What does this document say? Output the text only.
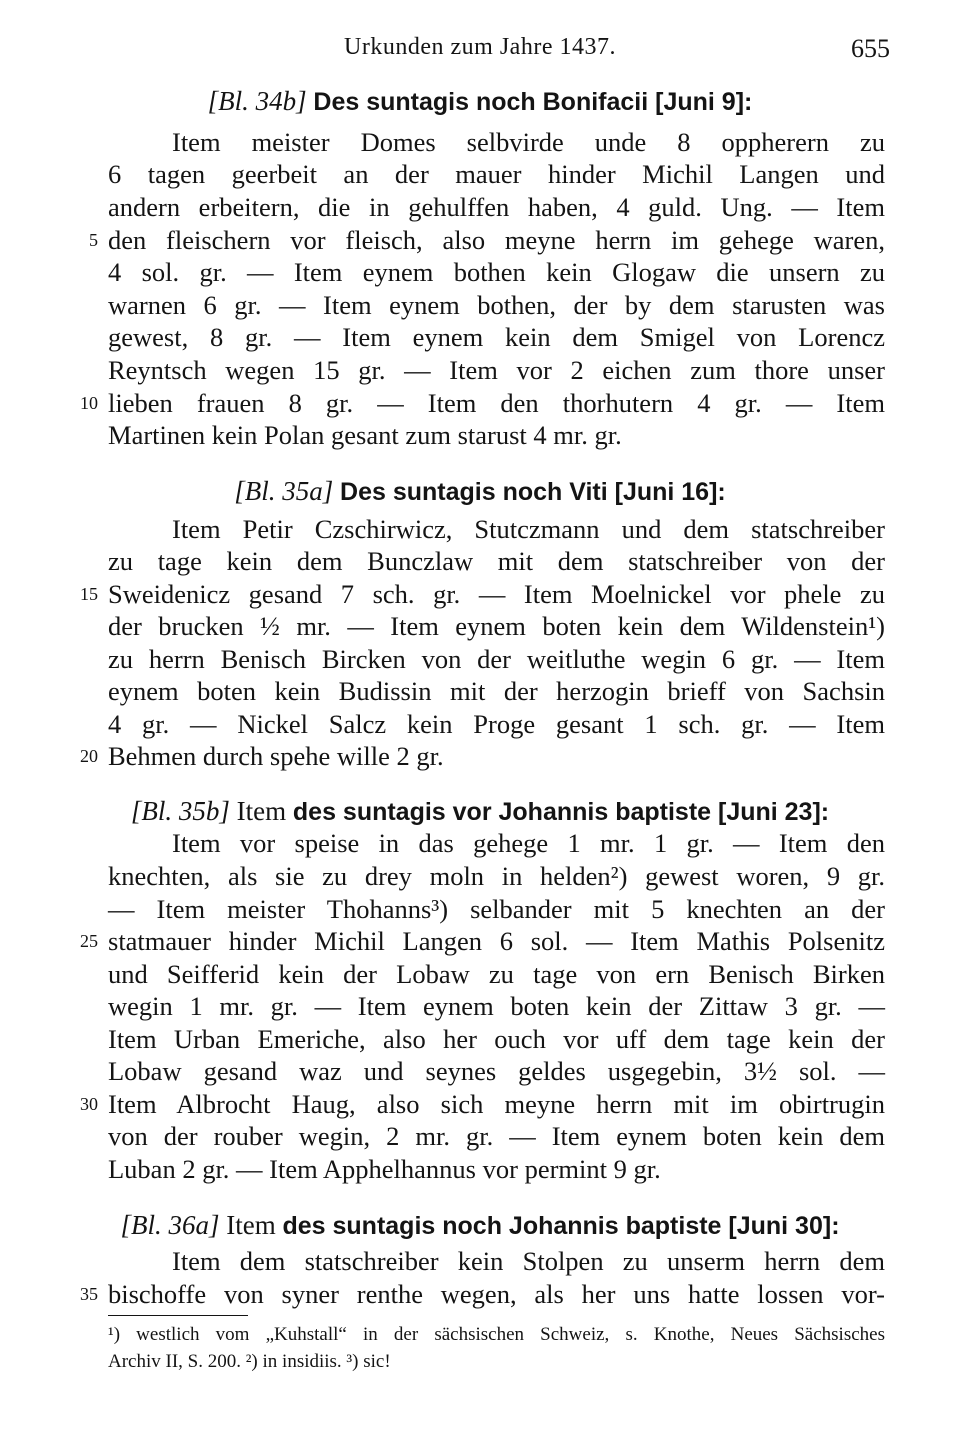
Urkunden zum Jahre 1437.	655
[Bl. 34b] Des suntagis noch Bonifacii [Juni 9]:
Item meister Domes selbvirde unde 8 oppherern zu
6 tagen geerbeit an der mauer hinder Michil Langen und
andern erbeitern, die in gehulffen haben, 4 guld. Ung. — Item
den fleischern vor fleisch, also meyne herrn im gehege waren,
4 sol. gr. — Item eynem bothen kein Glogaw die unsern zu
warnen 6 gr. — Item eynem bothen, der by dem starusten was
gewest, 8 gr. — Item eynem kein dem Smigel von Lorencz
Reyntsch wegen 15 gr. — Item vor 2 eichen zum thore unser
lieben frauen 8 gr. — Item den thorhutern 4 gr. — Item
Martinen kein Polan gesant zum starust 4 mr. gr.
[Bl. 35a] Des suntagis noch Viti [Juni 16]:
Item Petir Czschirwicz, Stutczmann und dem statschreiber
zu tage kein dem Bunczlaw mit dem statschreiber von der
Sweidenicz gesand 7 sch. gr. — Item Moelnickel vor phele zu
der brucken ½ mr. — Item eynem boten kein dem Wildenstein¹)
zu herrn Benisch Bircken von der weitluthe wegin 6 gr. — Item
eynem boten kein Budissin mit der herzogin brieff von Sachsin
4 gr. — Nickel Salcz kein Proge gesant 1 sch. gr. — Item
Behmen durch spehe wille 2 gr.
[Bl. 35b] Item des suntagis vor Johannis baptiste [Juni 23]:
Item vor speise in das gehege 1 mr. 1 gr. — Item den
knechten, als sie zu drey moln in helden²) gewest woren, 9 gr.
— Item meister Thohanns³) selbander mit 5 knechten an der
statmauer hinder Michil Langen 6 sol. — Item Mathis Polsenitz
und Seifferid kein der Lobaw zu tage von ern Benisch Birken
wegin 1 mr. gr. — Item eynem boten kein der Zittaw 3 gr. —
Item Urban Emeriche, also her ouch vor uff dem tage kein der
Lobaw gesand waz und seynes geldes usgegebin, 3½ sol. —
Item Albrocht Haug, also sich meyne herrn mit im obirtrugin
von der rouber wegin, 2 mr. gr. — Item eynem boten kein dem
Luban 2 gr. — Item Apphelhannus vor permint 9 gr.
[Bl. 36a] Item des suntagis noch Johannis baptiste [Juni 30]:
Item dem statschreiber kein Stolpen zu unserm herrn dem
bischoffe von syner renthe wegen, als her uns hatte lossen vor-
5
10
15
20
25
30
35
¹) westlich vom „Kuhstall“ in der sächsischen Schweiz, s. Knothe, Neues Sächsisches
Archiv II, S. 200. ²) in insidiis. ³) sic!
